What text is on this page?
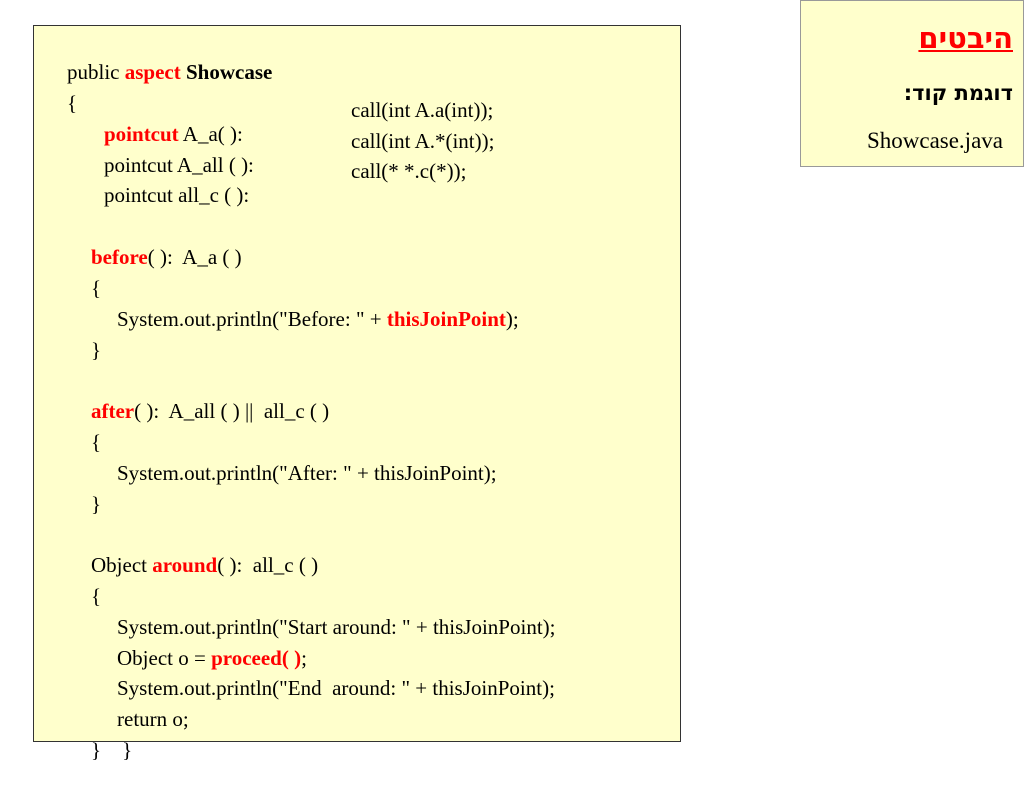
public aspect Showcase

{

pointcut A_a( ):

call(int A.a(int));

pointcut A_all ( ):

call(int A.*(int));

pointcut all_c ( ):

call(* *.c(*));

before( ):  A_a ( )

{

System.out.println("Before: " + thisJoinPoint);

}

after( ):  A_all ( ) ||  all_c ( )

{

System.out.println("After: " + thisJoinPoint);

}

Object around( ):  all_c ( )

{

System.out.println("Start around: " + thisJoinPoint);

Object o = proceed( );

System.out.println("End  around: " + thisJoinPoint);

return o;

}    }

היבטים
דוגמת קוד:
Showcase.java
